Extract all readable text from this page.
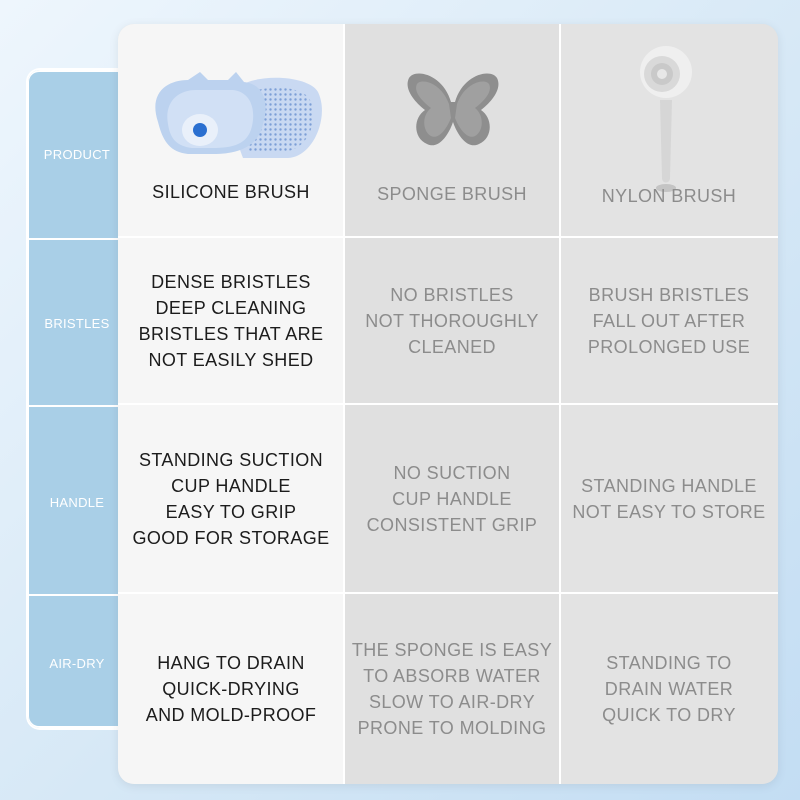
PRODUCT
BRISTLES
HANDLE
AIR-DRY
SILICONE BRUSH	SPONGE BRUSH	NYLON BRUSH
DENSE BRISTLES
DEEP CLEANING
BRISTLES THAT ARE
NOT EASILY SHED
NO BRISTLES
NOT THOROUGHLY
CLEANED
BRUSH BRISTLES
FALL OUT AFTER
PROLONGED USE
STANDING SUCTION
CUP HANDLE
EASY TO GRIP
GOOD FOR STORAGE
NO SUCTION
CUP HANDLE
CONSISTENT GRIP
STANDING HANDLE
NOT EASY TO STORE
HANG TO DRAIN
QUICK-DRYING
AND MOLD-PROOF
THE SPONGE IS EASY
TO ABSORB WATER
SLOW TO AIR-DRY
PRONE TO MOLDING
STANDING TO
DRAIN WATER
QUICK TO DRY
